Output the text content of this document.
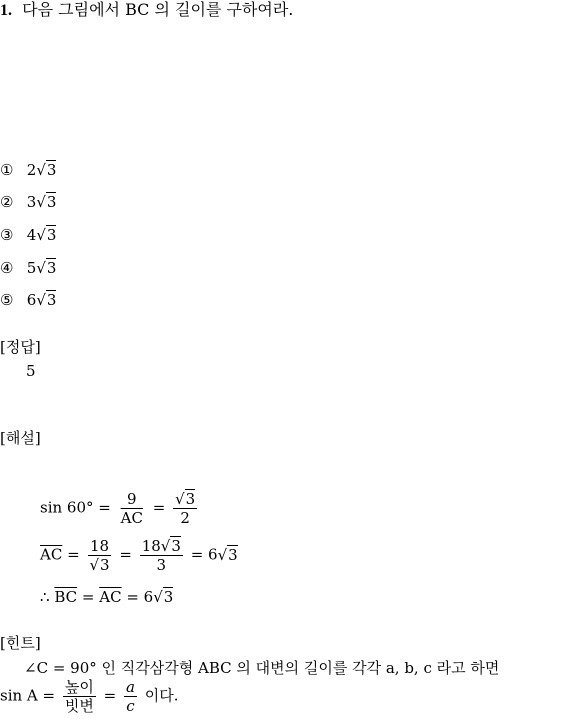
1. 다음 그림에서 $\overline{BC}$ 의 길이를 구하여라.
① 2√3
② 3√3
③ 4√3
④ 5√3
⑤ 6√3
[정답]
5
[해설]
$\sin 60^\circ = \frac{9}{AC} = \frac{√3}{2}$
$\overline{AC} = \frac{18}{√3} = \frac{18√3}{3} = 6√3$
∴ $\overline{BC} = \overline{AC} = 6√3$
[힌트]
∠C = 90° 인 직각삼각형 ABC 의 대변의 길이를 각각 a, b, c 라고 하면
$\sin A = \frac{\text{높이}}{\text{빗변}} = \frac{a}{c}$ 이다.
